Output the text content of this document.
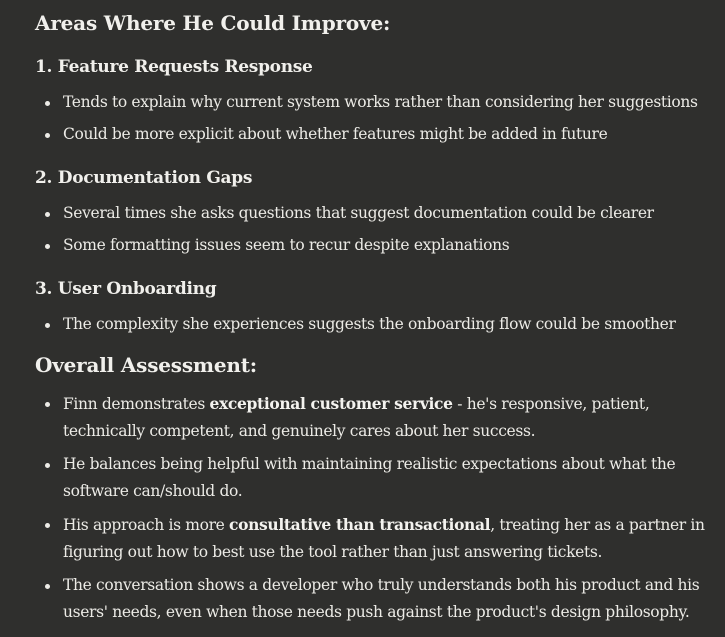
Areas Where He Could Improve:
1. Feature Requests Response
Tends to explain why current system works rather than considering her suggestions
Could be more explicit about whether features might be added in future
2. Documentation Gaps
Several times she asks questions that suggest documentation could be clearer
Some formatting issues seem to recur despite explanations
3. User Onboarding
The complexity she experiences suggests the onboarding flow could be smoother
Overall Assessment:
Finn demonstrates exceptional customer service - he's responsive, patient, technically competent, and genuinely cares about her success.
He balances being helpful with maintaining realistic expectations about what the software can/should do.
His approach is more consultative than transactional, treating her as a partner in figuring out how to best use the tool rather than just answering tickets.
The conversation shows a developer who truly understands both his product and his users' needs, even when those needs push against the product's design philosophy.
